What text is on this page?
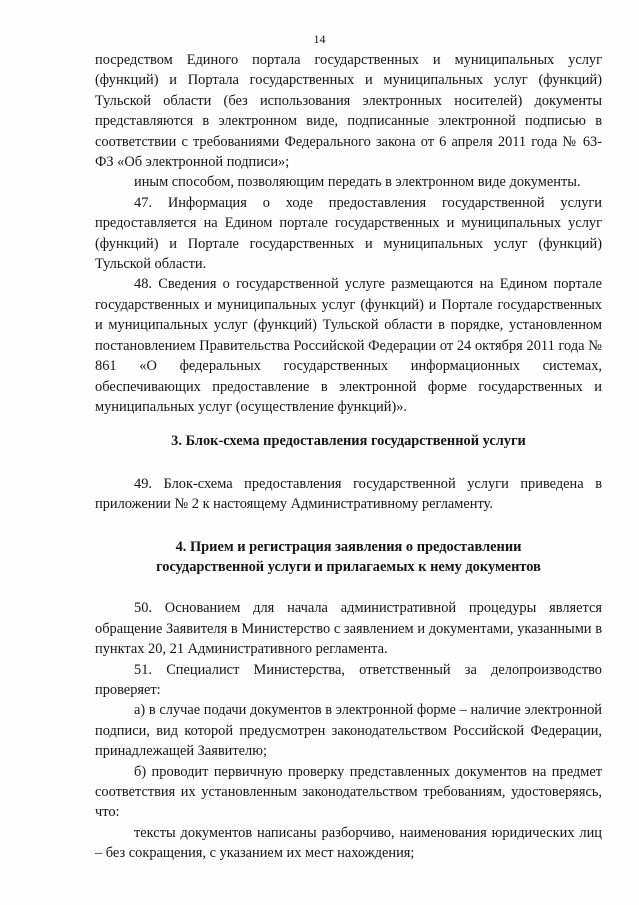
14

посредством Единого портала государственных и муниципальных услуг (функций) и Портала государственных и муниципальных услуг (функций) Тульской области (без использования электронных носителей) документы представляются в электронном виде, подписанные электронной подписью в соответствии с требованиями Федерального закона от 6 апреля 2011 года № 63-ФЗ «Об электронной подписи»;

иным способом, позволяющим передать в электронном виде документы.

47. Информация о ходе предоставления государственной услуги предоставляется на Едином портале государственных и муниципальных услуг (функций) и Портале государственных и муниципальных услуг (функций) Тульской области.

48. Сведения о государственной услуге размещаются на Едином портале государственных и муниципальных услуг (функций) и Портале государственных и муниципальных услуг (функций) Тульской области в порядке, установленном постановлением Правительства Российской Федерации от 24 октября 2011 года № 861 «О федеральных государственных информационных системах, обеспечивающих предоставление в электронной форме государственных и муниципальных услуг (осуществление функций)».

3. Блок-схема предоставления государственной услуги

49. Блок-схема предоставления государственной услуги приведена в приложении № 2 к настоящему Административному регламенту.

4. Прием и регистрация заявления о предоставлении
государственной услуги и прилагаемых к нему документов

50. Основанием для начала административной процедуры является обращение Заявителя в Министерство с заявлением и документами, указанными в пунктах 20, 21 Административного регламента.

51. Специалист Министерства, ответственный за делопроизводство проверяет:

а) в случае подачи документов в электронной форме – наличие электронной подписи, вид которой предусмотрен законодательством Российской Федерации, принадлежащей Заявителю;

б) проводит первичную проверку представленных документов на предмет соответствия их установленным законодательством требованиям, удостоверяясь, что:

тексты документов написаны разборчиво, наименования юридических лиц – без сокращения, с указанием их мест нахождения;
